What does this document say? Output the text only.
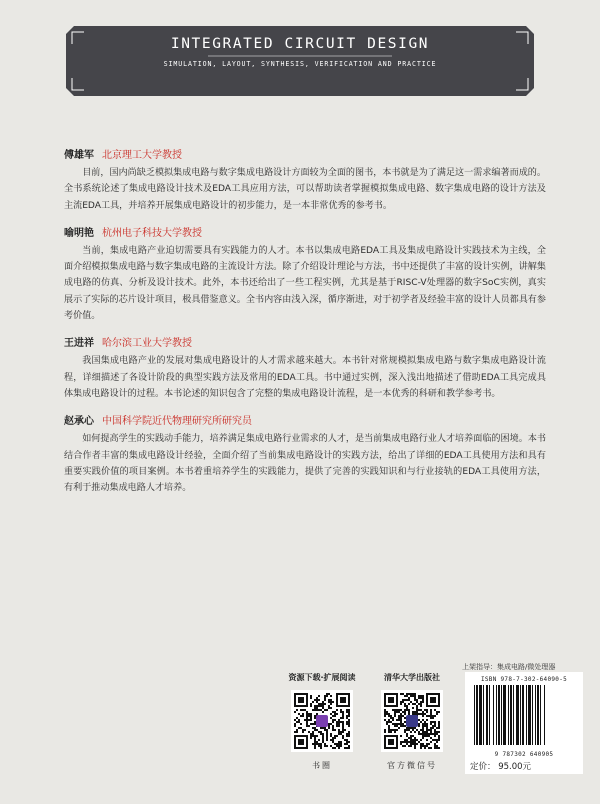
INTEGRATED CIRCUIT DESIGN
SIMULATION, LAYOUT, SYNTHESIS, VERIFICATION AND PRACTICE
傅雄军 北京理工大学教授

目前，国内尚缺乏模拟集成电路与数字集成电路设计方面较为全面的图书，本书就是为了满足这一需求编著而成的。全书系统论述了集成电路设计技术及EDA工具应用方法，可以帮助读者掌握模拟集成电路、数字集成电路的设计方法及主流EDA工具，并培养开展集成电路设计的初步能力，是一本非常优秀的参考书。

喻明艳 杭州电子科技大学教授

当前，集成电路产业迫切需要具有实践能力的人才。本书以集成电路EDA工具及集成电路设计实践技术为主线，全面介绍模拟集成电路与数字集成电路的主流设计方法。除了介绍设计理论与方法，书中还提供了丰富的设计实例，讲解集成电路的仿真、分析及设计技术。此外，本书还给出了一些工程实例，尤其是基于RISC-V处理器的数字SoC实例，真实展示了实际的芯片设计项目，极具借鉴意义。全书内容由浅入深，循序渐进，对于初学者及经验丰富的设计人员都具有参考价值。

王进祥 哈尔滨工业大学教授

我国集成电路产业的发展对集成电路设计的人才需求越来越大。本书针对常规模拟集成电路与数字集成电路设计流程，详细描述了各设计阶段的典型实践方法及常用的EDA工具。书中通过实例，深入浅出地描述了借助EDA工具完成具体集成电路设计的过程。本书论述的知识包含了完整的集成电路设计流程，是一本优秀的科研和教学参考书。

赵承心 中国科学院近代物理研究所研究员

如何提高学生的实践动手能力，培养满足集成电路行业需求的人才，是当前集成电路行业人才培养面临的困境。本书结合作者丰富的集成电路设计经验，全面介绍了当前集成电路设计的实践方法，给出了详细的EDA工具使用方法和具有重要实践价值的项目案例。本书着重培养学生的实践能力，提供了完善的实践知识和与行业接轨的EDA工具使用方法，有利于推动集成电路人才培养。

资源下载·扩展阅读
书圈
清华大学出版社
官方微信号
上架指导：集成电路/微处理器
ISBN 978-7-302-64090-5
9 787302 640905
定价： 95.00元
